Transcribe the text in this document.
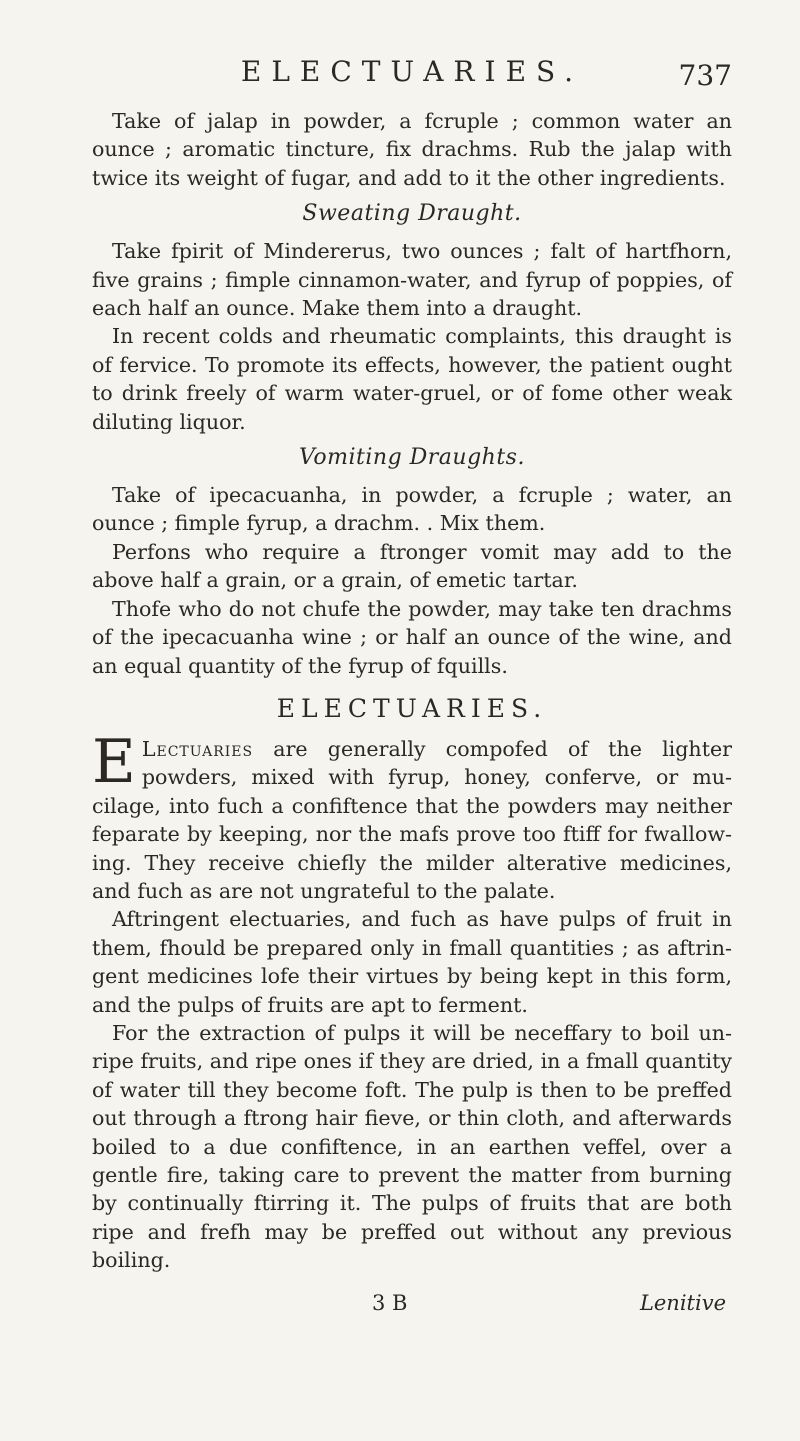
ELECTUARIES.	737

Take of jalap in powder, a fcruple ; common water an ounce ; aromatic tincture, fix drachms. Rub the jalap with twice its weight of fugar, and add to it the other ingredients.

Sweating Draught.

Take fpirit of Mindererus, two ounces ; falt of hartfhorn, five grains ; fimple cinnamon-water, and fyrup of poppies, of each half an ounce. Make them into a draught.

In recent colds and rheumatic complaints, this draught is of fervice. To promote its effects, however, the patient ought to drink freely of warm water-gruel, or of fome other weak diluting liquor.

Vomiting Draughts.

Take of ipecacuanha, in powder, a fcruple ; water, an ounce ; fimple fyrup, a drachm. . Mix them.

Perfons who require a ftronger vomit may add to the above half a grain, or a grain, of emetic tartar.

Thofe who do not chufe the powder, may take ten drachms of the ipecacuanha wine ; or half an ounce of the wine, and an equal quantity of the fyrup of fquills.

ELECTUARIES.

E Lectuaries are generally compofed of the lighter powders, mixed with fyrup, honey, conferve, or mucilage, into fuch a confiftence that the powders may neither feparate by keeping, nor the mafs prove too ftiff for fwallowing. They receive chiefly the milder alterative medicines, and fuch as are not ungrateful to the palate.

Aftringent electuaries, and fuch as have pulps of fruit in them, fhould be prepared only in fmall quantities ; as aftringent medicines lofe their virtues by being kept in this form, and the pulps of fruits are apt to ferment.

For the extraction of pulps it will be neceffary to boil unripe fruits, and ripe ones if they are dried, in a fmall quantity of water till they become foft. The pulp is then to be preffed out through a ftrong hair fieve, or thin cloth, and afterwards boiled to a due confiftence, in an earthen veffel, over a gentle fire, taking care to prevent the matter from burning by continually ftirring it. The pulps of fruits that are both ripe and frefh may be preffed out without any previous boiling.

3 B	Lenitive
